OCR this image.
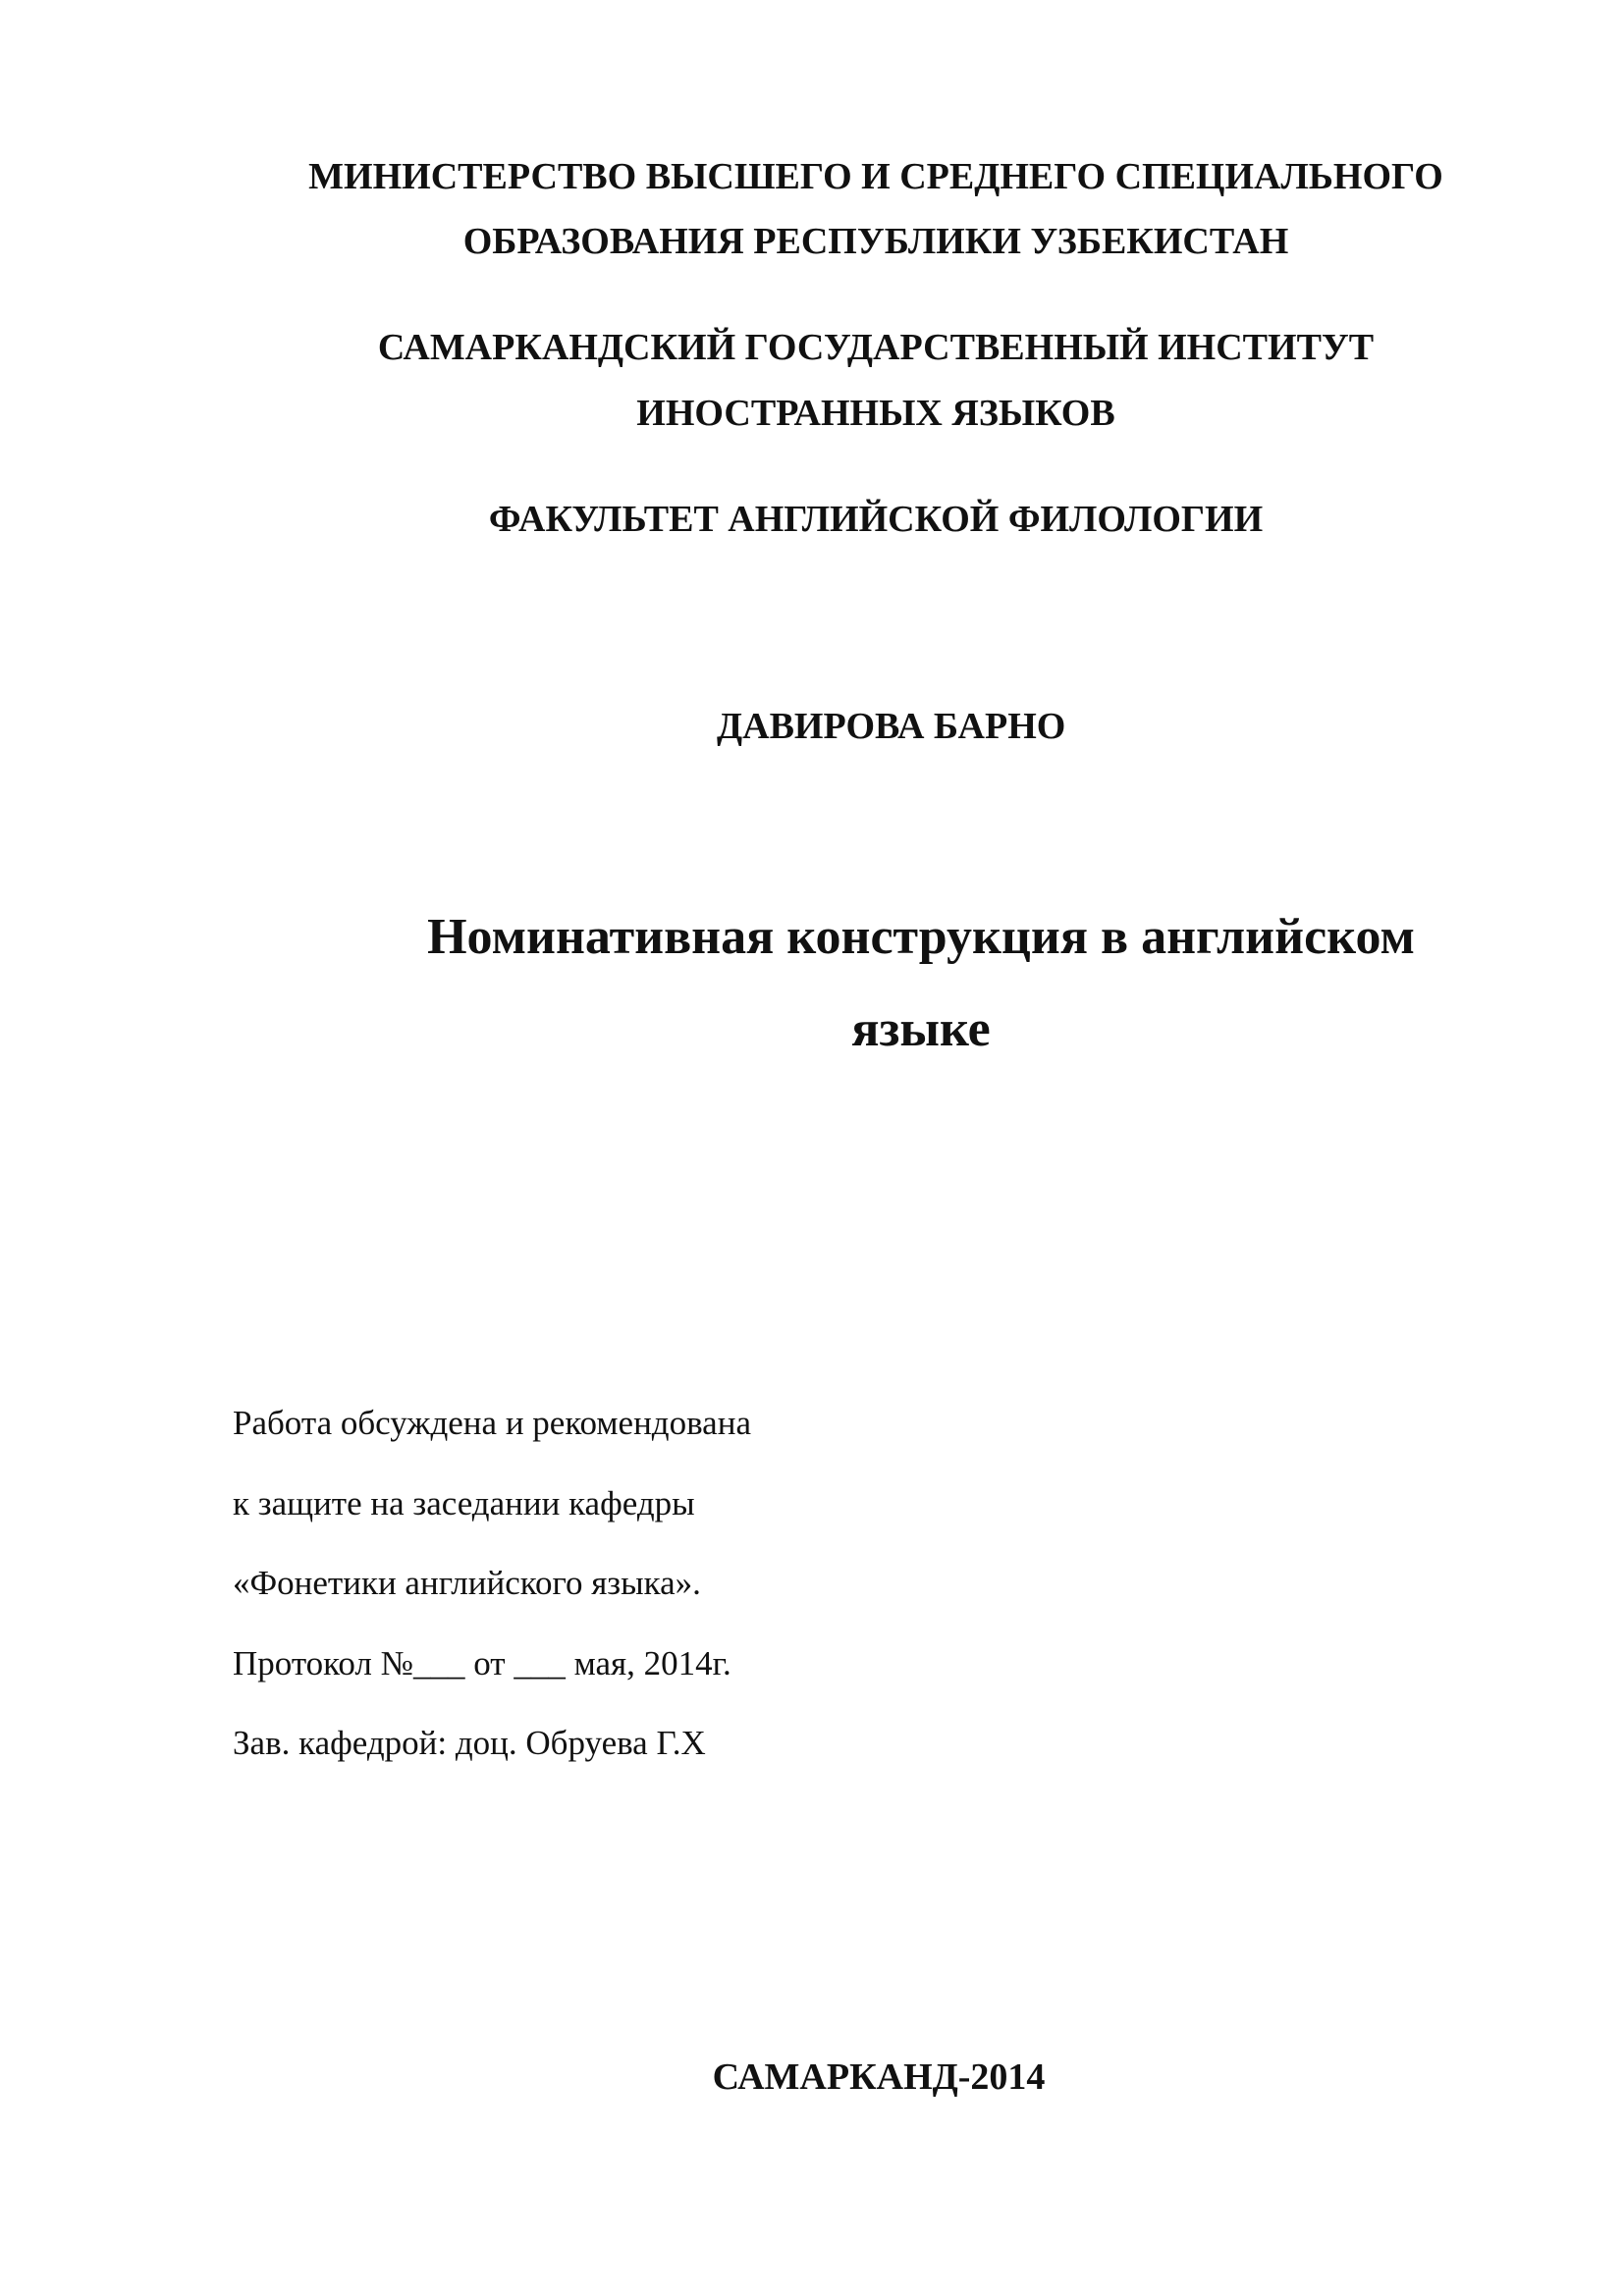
МИНИСТЕРСТВО ВЫСШЕГО И СРЕДНЕГО СПЕЦИАЛЬНОГО
ОБРАЗОВАНИЯ РЕСПУБЛИКИ УЗБЕКИСТАН
САМАРКАНДСКИЙ ГОСУДАРСТВЕННЫЙ ИНСТИТУТ
ИНОСТРАННЫХ ЯЗЫКОВ
ФАКУЛЬТЕТ АНГЛИЙСКОЙ ФИЛОЛОГИИ
ДАВИРОВА БАРНО
Номинативная конструкция в английском
языке
Работа обсуждена и рекомендована
к защите на заседании кафедры
«Фонетики английского языка».
Протокол №___ от ___ мая, 2014г.
Зав. кафедрой: доц. Обруева Г.Х
САМАРКАНД-2014
